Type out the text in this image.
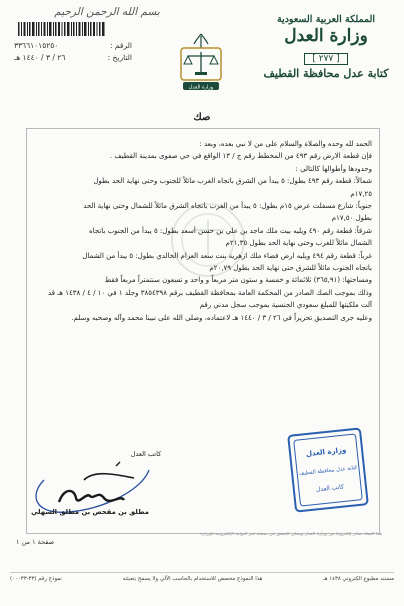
المملكة العربية السعودية
وزارة العدل
[ ٢٧٧ ]
كتابة عدل محافظة القطيف
بسم الله الرحمن الرحيم
وزارة العدل
الرقم :
٣٣٦٦١٠١٥٢٥٠
التاريخ :
٢٦ / ٣ / ١٤٤٠ هـ
صك

الحمد لله وحده والصلاة والسلام على من لا نبي بعده، وبعد :

فإن قطعة الارض رقم ٤٩٣ من المخطط رقم ج / ١٣ الواقع في حي صفوى بمدينة القطيف .

وحدودها وأطوالها كالتالي :

شمالاً: قطعة رقم ٤٩٣ بطول: ٥ يبدأ من الشرق باتجاه الغرب مائلاً للجنوب وحتى نهاية الحد بطول

١٧,٢٥م

جنوباً: شارع مسفلت عرض ١٥م بطول: ٥ يبدأ من الغرب باتجاه الشرق مائلاً للشمال وحتى نهاية الحد

بطول ١٧,٥٠م

شرقاً: قطعة رقم ٤٩٠ ويليه بيت ملك ماجد بن علي بن حسن أسعد بطول: ٥ يبدأ من الجنوب باتجاه

الشمال مائلاً للغرب وحتى نهاية الحد بطول ٢١,٣٥م

غرباً: قطعة رقم ٤٩٤ ويليه ارض فضاء ملك ازهرية بنت سعد العزام الخالدي بطول: ٥ يبدأ من الشمال

باتجاه الجنوب مائلاً للشرق حتى نهاية الحد بطول ٢٠,٧٩م

ومساحتها: (٣٦٥,٩١) ثلاثمائة و خمسة و ستون متر مربعاً و واحد و تسعون سنتمتراً مربعاً فقط

وذلك بموجب الصك الصادر من المحكمة العامة بمحافظة القطيف برقم ٣٨٥٤٣٩٨ وجلد ١ في ١٠ / ٤ / ١٤٣٨ هـ قد

آلت ملكيتها للمبلغ سعودي الجنسية بموجب سجل مدني رقم

وعليه جرى التصديق تحريراً في ٢٦ / ٣ / ١٤٤٠ هـ لاعتماده، وصلى الله على نبينا محمد وآله وصحبه وسلم.

وزارة العدل
كتابة عدل محافظة القطيف
كاتب العدل
كاتب العدل
مطلق بن مقحص بن مطلق السهلي
هذا الصك صادر إلكترونياً من وزارة العدل ويمكن التحقق من صحته عبر البوابة الإلكترونية للوزارة
صفحة ١ من ١
مستند مطبوع الكتروني ١٤٣٨ هـ
هذا النموذج مخصص للاستخدام بالحاسب الآلي ولا يسمح بتعبئته
نموذج رقم (٣٣-٠٠٠٣٣)
